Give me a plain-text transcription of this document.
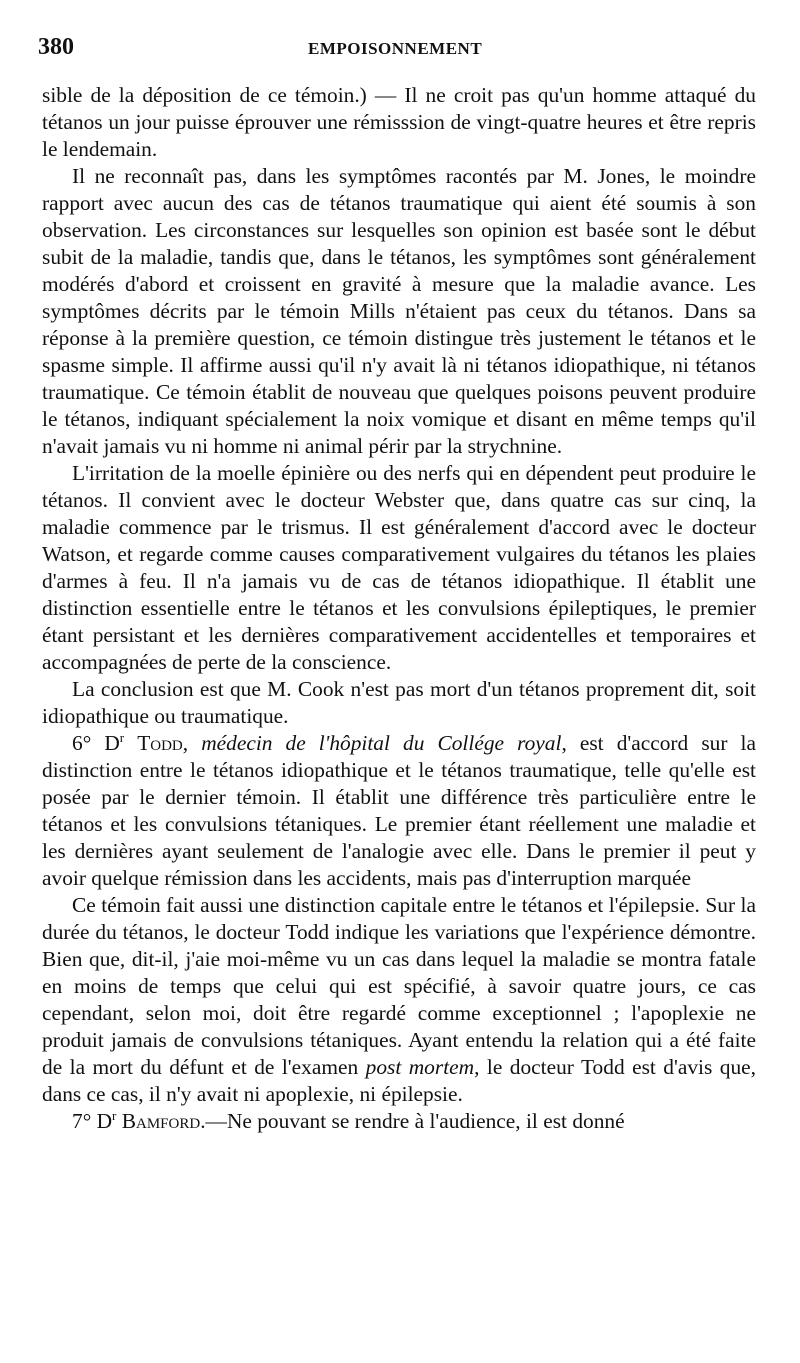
380	EMPOISONNEMENT

sible de la déposition de ce témoin.) — Il ne croit pas qu'un homme attaqué du tétanos un jour puisse éprouver une rémisssion de vingt-quatre heures et être repris le lendemain.

Il ne reconnaît pas, dans les symptômes racontés par M. Jones, le moindre rapport avec aucun des cas de tétanos traumatique qui aient été soumis à son observation. Les circonstances sur lesquelles son opinion est basée sont le début subit de la maladie, tandis que, dans le tétanos, les symptômes sont généralement modérés d'abord et croissent en gravité à mesure que la maladie avance. Les symptômes décrits par le témoin Mills n'étaient pas ceux du tétanos. Dans sa réponse à la première question, ce témoin distingue très justement le tétanos et le spasme simple. Il affirme aussi qu'il n'y avait là ni tétanos idiopathique, ni tétanos traumatique. Ce témoin établit de nouveau que quelques poisons peuvent produire le tétanos, indiquant spécialement la noix vomique et disant en même temps qu'il n'avait jamais vu ni homme ni animal périr par la strychnine.

L'irritation de la moelle épinière ou des nerfs qui en dépendent peut produire le tétanos. Il convient avec le docteur Webster que, dans quatre cas sur cinq, la maladie commence par le trismus. Il est généralement d'accord avec le docteur Watson, et regarde comme causes comparativement vulgaires du tétanos les plaies d'armes à feu. Il n'a jamais vu de cas de tétanos idiopathique. Il établit une distinction essentielle entre le tétanos et les convulsions épileptiques, le premier étant persistant et les dernières comparativement accidentelles et temporaires et accompagnées de perte de la conscience.

La conclusion est que M. Cook n'est pas mort d'un tétanos proprement dit, soit idiopathique ou traumatique.

6° $D^r$ Todd, médecin de l'hôpital du Collége royal, est d'accord sur la distinction entre le tétanos idiopathique et le tétanos traumatique, telle qu'elle est posée par le dernier témoin. Il établit une différence très particulière entre le tétanos et les convulsions tétaniques. Le premier étant réellement une maladie et les dernières ayant seulement de l'analogie avec elle. Dans le premier il peut y avoir quelque rémission dans les accidents, mais pas d'interruption marquée

Ce témoin fait aussi une distinction capitale entre le tétanos et l'épilepsie. Sur la durée du tétanos, le docteur Todd indique les variations que l'expérience démontre. Bien que, dit-il, j'aie moi-même vu un cas dans lequel la maladie se montra fatale en moins de temps que celui qui est spécifié, à savoir quatre jours, ce cas cependant, selon moi, doit être regardé comme exceptionnel ; l'apoplexie ne produit jamais de convulsions tétaniques. Ayant entendu la relation qui a été faite de la mort du défunt et de l'examen post mortem, le docteur Todd est d'avis que, dans ce cas, il n'y avait ni apoplexie, ni épilepsie.

7° $D^r$ Bamford.—Ne pouvant se rendre à l'audience, il est donné
